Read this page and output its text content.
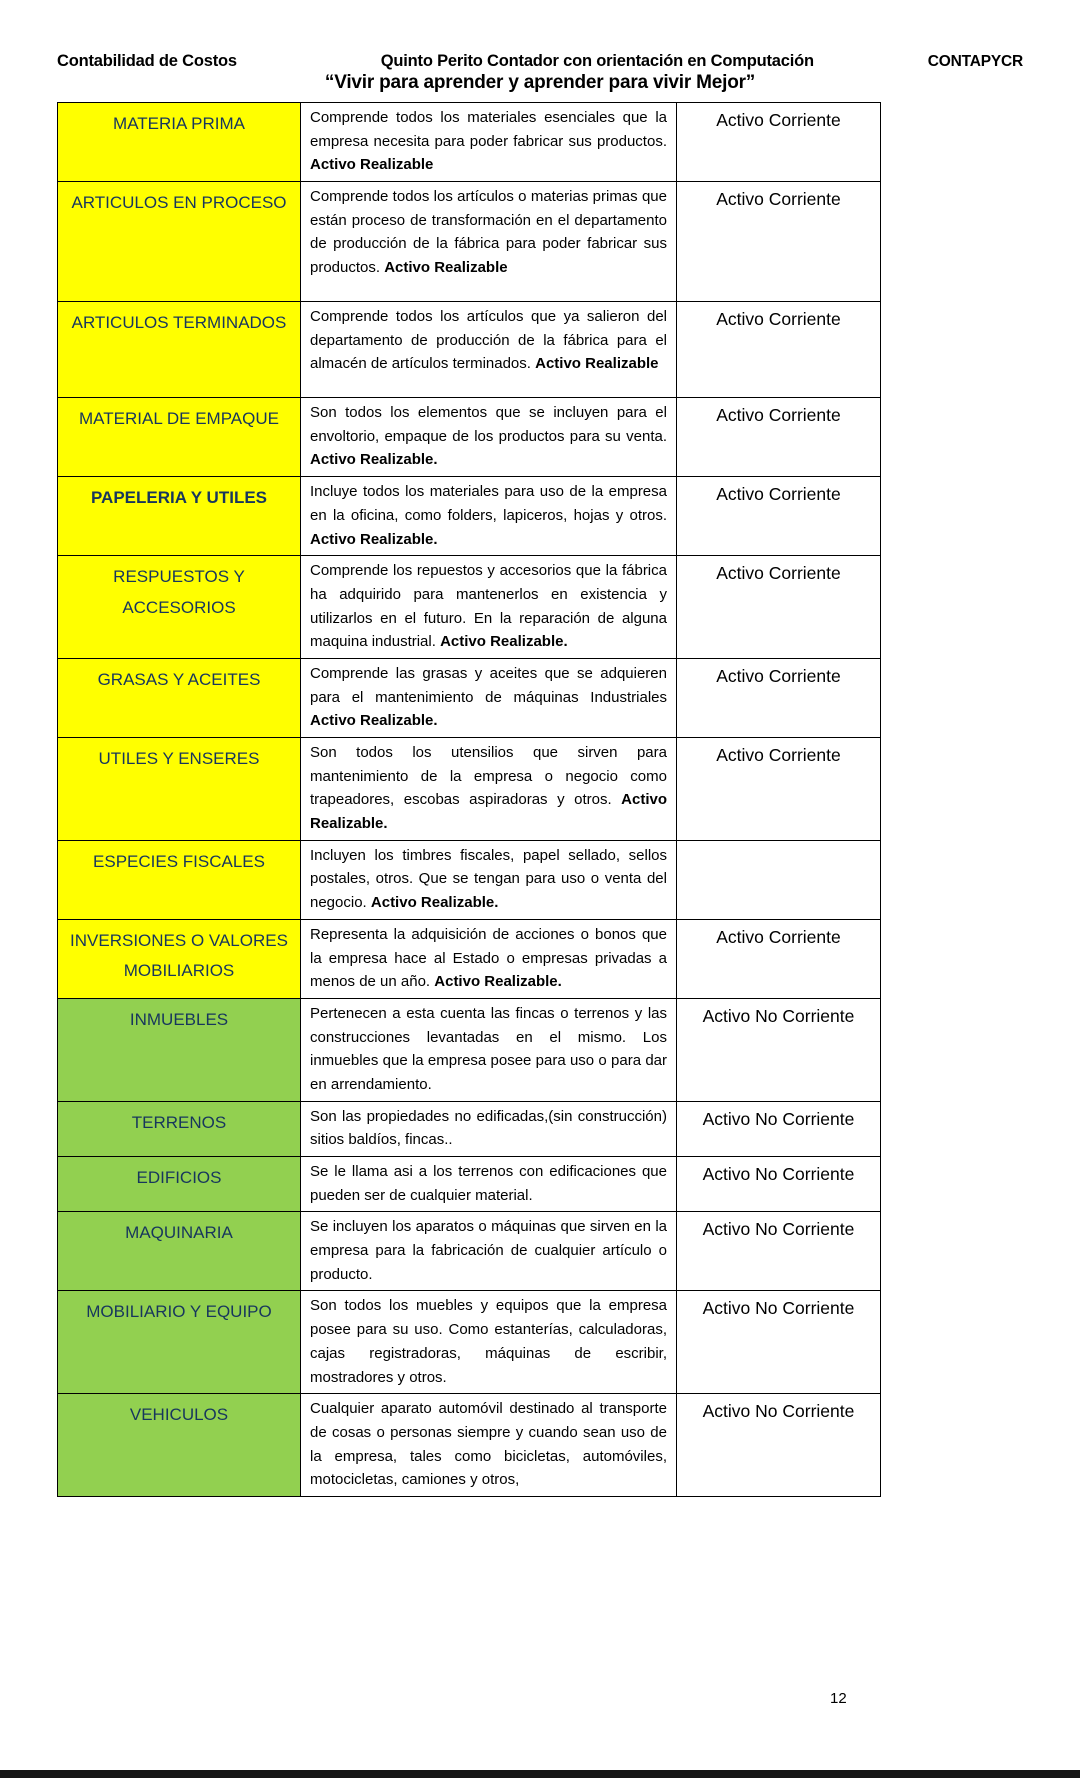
Contabilidad de Costos	Quinto Perito Contador con orientación en Computación	CONTAPYCR
“Vivir para aprender y aprender para vivir Mejor”
MATERIA PRIMA	Comprende todos los materiales esenciales que la empresa necesita para poder fabricar sus productos. Activo Realizable	Activo Corriente
ARTICULOS EN PROCESO	Comprende todos los artículos o materias primas que están proceso de transformación en el departamento de producción de la fábrica para poder fabricar sus productos. Activo Realizable	Activo Corriente
ARTICULOS TERMINADOS	Comprende todos los artículos que ya salieron del departamento de producción de la fábrica para el almacén de artículos terminados. Activo Realizable	Activo Corriente
MATERIAL DE EMPAQUE	Son todos los elementos que se incluyen para el envoltorio, empaque de los productos para su venta. Activo Realizable.	Activo Corriente
PAPELERIA Y UTILES	Incluye todos los materiales para uso de la empresa en la oficina, como folders, lapiceros, hojas y otros. Activo Realizable.	Activo Corriente
RESPUESTOS Y ACCESORIOS	Comprende los repuestos y accesorios que la fábrica ha adquirido para mantenerlos en existencia y utilizarlos en el futuro. En la reparación de alguna maquina industrial. Activo Realizable.	Activo Corriente
GRASAS Y ACEITES	Comprende las grasas y aceites que se adquieren para el mantenimiento de máquinas Industriales Activo Realizable.	Activo Corriente
UTILES Y ENSERES	Son todos los utensilios que sirven para mantenimiento de la empresa o negocio como trapeadores, escobas aspiradoras y otros. Activo Realizable.	Activo Corriente
ESPECIES FISCALES	Incluyen los timbres fiscales, papel sellado, sellos postales, otros. Que se tengan para uso o venta del negocio. Activo Realizable.	
INVERSIONES O VALORES MOBILIARIOS	Representa la adquisición de acciones o bonos que la empresa hace al Estado o empresas privadas a menos de un año. Activo Realizable.	Activo Corriente
INMUEBLES	Pertenecen a esta cuenta las fincas o terrenos y las construcciones levantadas en el mismo. Los inmuebles que la empresa posee para uso o para dar en arrendamiento.	Activo No Corriente
TERRENOS	Son las propiedades no edificadas,(sin construcción) sitios baldíos, fincas..	Activo No Corriente
EDIFICIOS	Se le llama asi a los terrenos con edificaciones que pueden ser de cualquier material.	Activo No Corriente
MAQUINARIA	Se incluyen los aparatos o máquinas que sirven en la empresa para la fabricación de cualquier artículo o producto.	Activo No Corriente
MOBILIARIO Y EQUIPO	Son todos los muebles y equipos que la empresa posee para su uso. Como estanterías, calculadoras, cajas registradoras, máquinas de escribir, mostradores y otros.	Activo No Corriente
VEHICULOS	Cualquier aparato automóvil destinado al transporte de cosas o personas siempre y cuando sean uso de la empresa, tales como bicicletas, automóviles, motocicletas, camiones y otros,	Activo No Corriente
12
